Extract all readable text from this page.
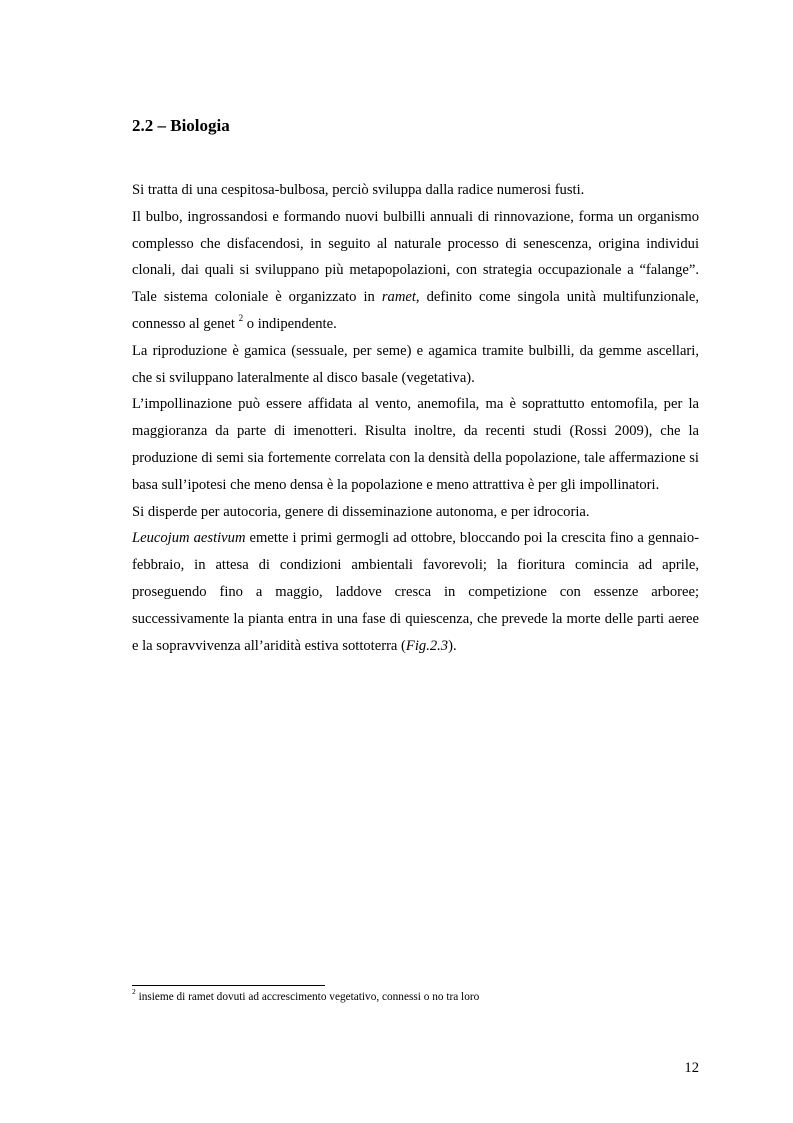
2.2 – Biologia

Si tratta di una cespitosa-bulbosa, perciò sviluppa dalla radice numerosi fusti.

Il bulbo, ingrossandosi e formando nuovi bulbilli annuali di rinnovazione, forma un organismo complesso che disfacendosi, in seguito al naturale processo di senescenza, origina individui clonali, dai quali si sviluppano più metapopolazioni, con strategia occupazionale a “falange”. Tale sistema coloniale è organizzato in ramet, definito come singola unità multifunzionale, connesso al genet $^2$ o indipendente.

La riproduzione è gamica (sessuale, per seme) e agamica tramite bulbilli, da gemme ascellari, che si sviluppano lateralmente al disco basale (vegetativa).

L’impollinazione può essere affidata al vento, anemofila, ma è soprattutto entomofila, per la maggioranza da parte di imenotteri. Risulta inoltre, da recenti studi (Rossi 2009), che la produzione di semi sia fortemente correlata con la densità della popolazione, tale affermazione si basa sull’ipotesi che meno densa è la popolazione e meno attrattiva è per gli impollinatori.

Si disperde per autocoria, genere di disseminazione autonoma, e per idrocoria.

Leucojum aestivum emette i primi germogli ad ottobre, bloccando poi la crescita fino a gennaio-febbraio, in attesa di condizioni ambientali favorevoli; la fioritura comincia ad aprile, proseguendo fino a maggio, laddove cresca in competizione con essenze arboree; successivamente la pianta entra in una fase di quiescenza, che prevede la morte delle parti aeree e la sopravvivenza all’aridità estiva sottoterra (Fig.2.3).

$^2$ insieme di ramet dovuti ad accrescimento vegetativo, connessi o no tra loro
12
